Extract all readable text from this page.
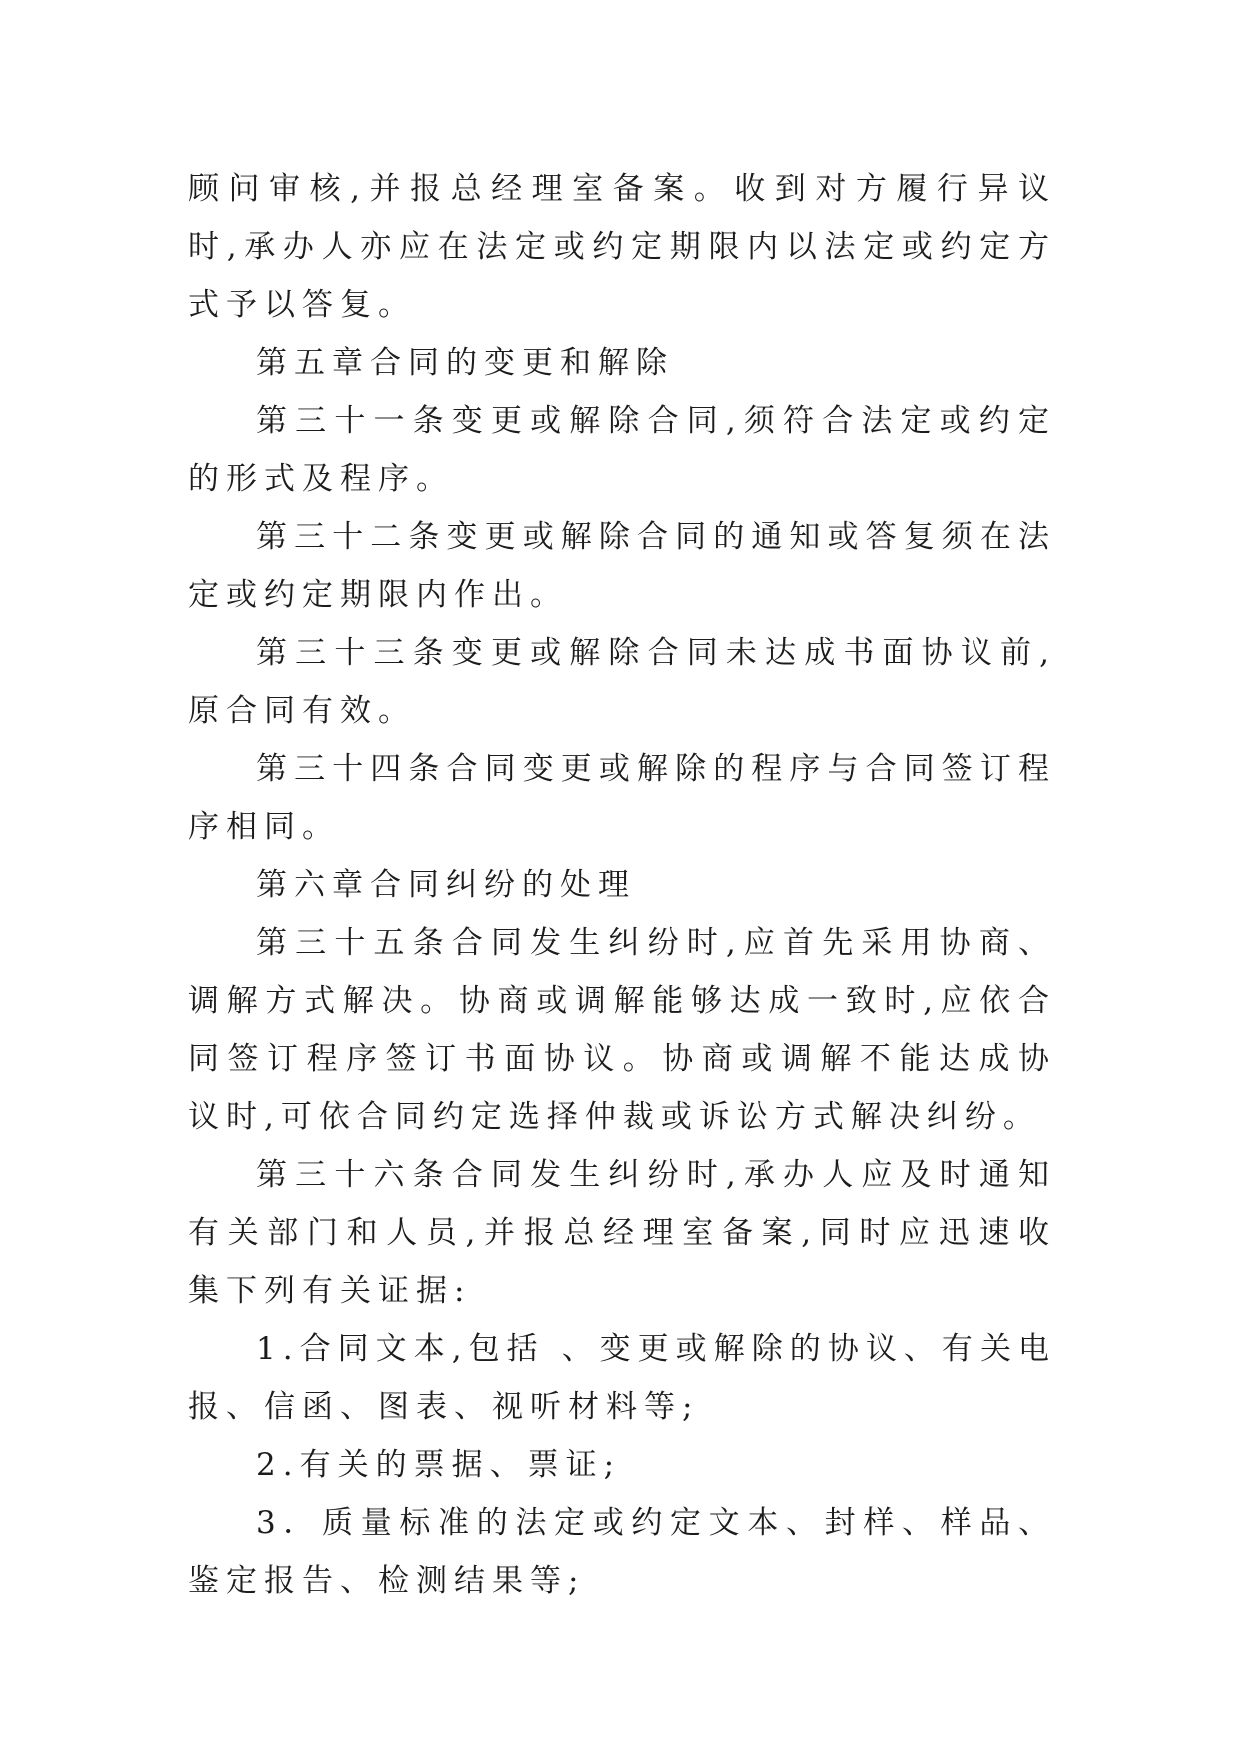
顾问审核,并报总经理室备案。收到对方履行异议时,承办人亦应在法定或约定期限内以法定或约定方式予以答复。

第五章合同的变更和解除

第三十一条变更或解除合同,须符合法定或约定的形式及程序。

第三十二条变更或解除合同的通知或答复须在法定或约定期限内作出。

第三十三条变更或解除合同未达成书面协议前,原合同有效。

第三十四条合同变更或解除的程序与合同签订程序相同。

第六章合同纠纷的处理

第三十五条合同发生纠纷时,应首先采用协商、调解方式解决。协商或调解能够达成一致时,应依合同签订程序签订书面协议。协商或调解不能达成协议时,可依合同约定选择仲裁或诉讼方式解决纠纷。

第三十六条合同发生纠纷时,承办人应及时通知有关部门和人员,并报总经理室备案,同时应迅速收集下列有关证据:

1.合同文本,包括 、变更或解除的协议、有关电报、信函、图表、视听材料等;

2.有关的票据、票证;

3．质量标准的法定或约定文本、封样、样品、鉴定报告、检测结果等;
